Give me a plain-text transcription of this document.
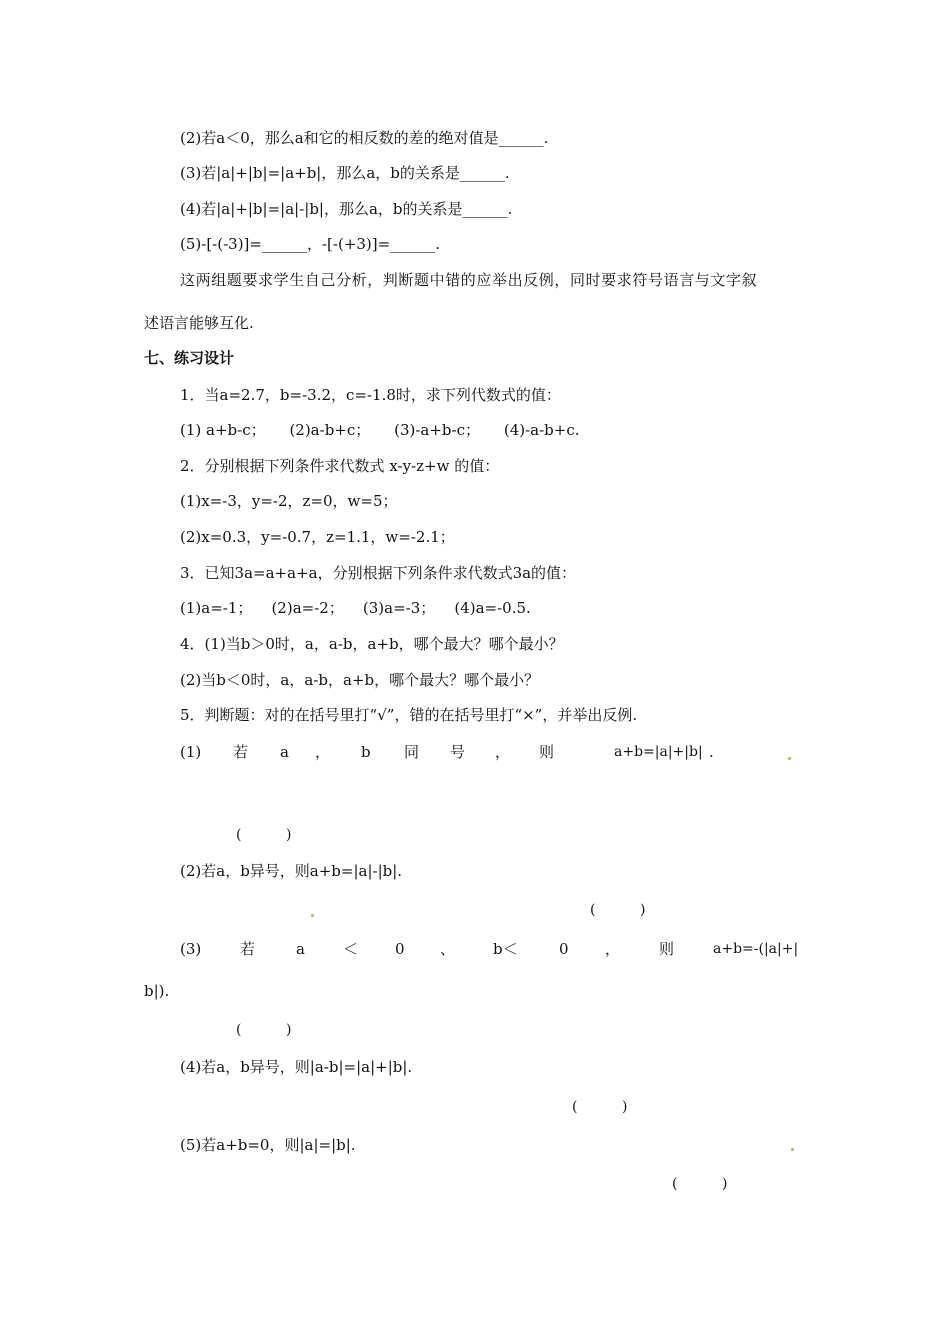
(2)若a＜0，那么a和它的相反数的差的绝对值是______.
(3)若|a|+|b|=|a+b|，那么a，b的关系是______.
(4)若|a|+|b|=|a|-|b|，那么a，b的关系是______.
(5)-[-(-3)]=______，-[-(+3)]=______.
这两组题要求学生自己分析，判断题中错的应举出反例，同时要求符号语言与文字叙
述语言能够互化.
七、练习设计
1．当a=2.7，b=-3.2，c=-1.8时，求下列代数式的值：
(1) a+b-c；     (2)a-b+c；     (3)-a+b-c；     (4)-a-b+c.
2．分别根据下列条件求代数式 x-y-z+w 的值：
(1)x=-3，y=-2，z=0，w=5；
(2)x=0.3，y=-0.7，z=1.1，w=-2.1；
3．已知3a=a+a+a，分别根据下列条件求代数式3a的值：
(1)a=-1；    (2)a=-2；    (3)a=-3；    (4)a=-0.5.
4．(1)当b＞0时，a，a-b，a+b，哪个最大？哪个最小？
(2)当b＜0时，a，a-b，a+b，哪个最大？哪个最小？
5．判断题：对的在括号里打“√”，错的在括号里打“×”，并举出反例.
(1) 若 a ， b 同 号 ， 则	a+b=|a|+|b| .
(          )
(2)若a，b异号，则a+b=|a|-|b|.
(          )
(3)	若	a	＜ 0 、	b＜	0 ，	则	a+b=-(|a|+|
b|).
(          )
(4)若a，b异号，则|a-b|=|a|+|b|.
(          )
(5)若a+b=0，则|a|=|b|.
(          )
